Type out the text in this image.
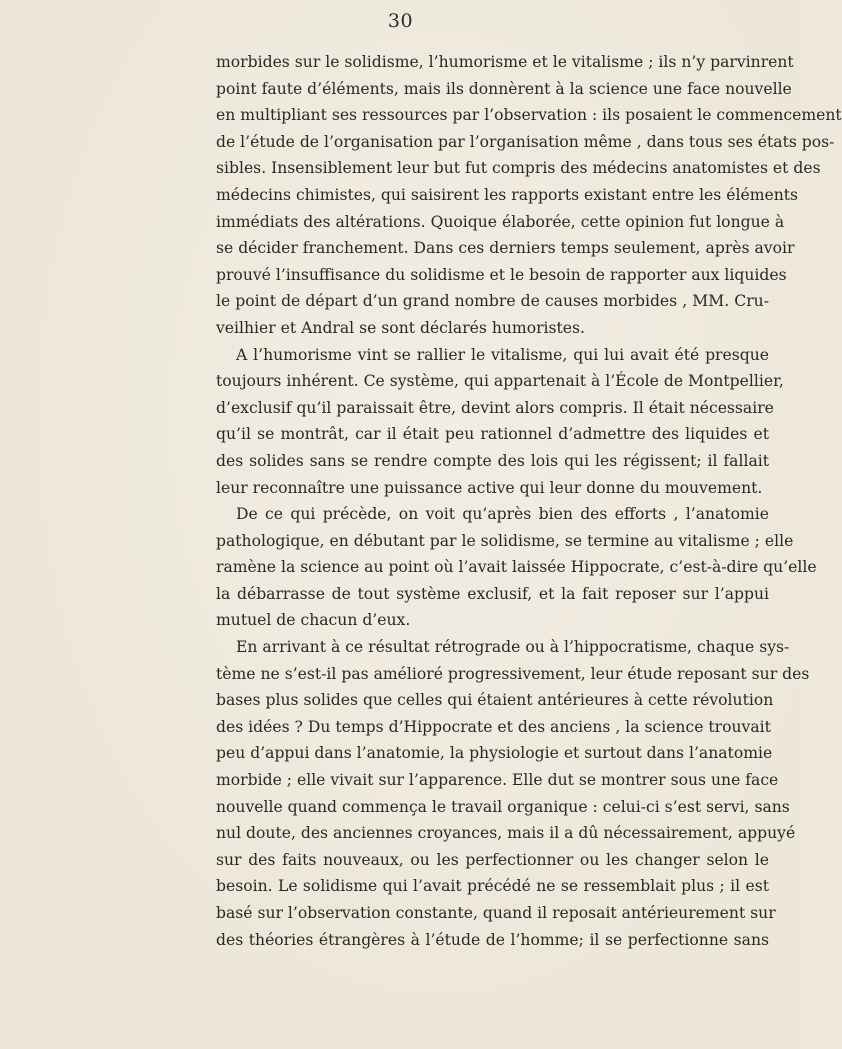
30
morbides sur le solidisme, l’humorisme et le vitalisme ; ils n’y parvinrent
point faute d’éléments, mais ils donnèrent à la science une face nouvelle
en multipliant ses ressources par l’observation : ils posaient le commencement
de l’étude de l’organisation par l’organisation même , dans tous ses états pos-
sibles. Insensiblement leur but fut compris des médecins anatomistes et des
médecins chimistes, qui saisirent les rapports existant entre les éléments
immédiats des altérations. Quoique élaborée, cette opinion fut longue à
se décider franchement. Dans ces derniers temps seulement, après avoir
prouvé l’insuffisance du solidisme et le besoin de rapporter aux liquides
le point de départ d’un grand nombre de causes morbides , MM. Cru-
veilhier et Andral se sont déclarés humoristes.
A l’humorisme vint se rallier le vitalisme, qui lui avait été presque
toujours inhérent. Ce système, qui appartenait à l’École de Montpellier,
d’exclusif qu’il paraissait être, devint alors compris. Il était nécessaire
qu’il se montrât, car il était peu rationnel d’admettre des liquides et
des solides sans se rendre compte des lois qui les régissent; il fallait
leur reconnaître une puissance active qui leur donne du mouvement.
De ce qui précède, on voit qu’après bien des efforts , l’anatomie
pathologique, en débutant par le solidisme, se termine au vitalisme ; elle
ramène la science au point où l’avait laissée Hippocrate, c’est-à-dire qu’elle
la débarrasse de tout système exclusif, et la fait reposer sur l’appui
mutuel de chacun d’eux.
En arrivant à ce résultat rétrograde ou à l’hippocratisme, chaque sys-
tème ne s’est-il pas amélioré progressivement, leur étude reposant sur des
bases plus solides que celles qui étaient antérieures à cette révolution
des idées ? Du temps d’Hippocrate et des anciens , la science trouvait
peu d’appui dans l’anatomie, la physiologie et surtout dans l’anatomie
morbide ; elle vivait sur l’apparence. Elle dut se montrer sous une face
nouvelle quand commença le travail organique : celui-ci s’est servi, sans
nul doute, des anciennes croyances, mais il a dû nécessairement, appuyé
sur des faits nouveaux, ou les perfectionner ou les changer selon le
besoin. Le solidisme qui l’avait précédé ne se ressemblait plus ; il est
basé sur l’observation constante, quand il reposait antérieurement sur
des théories étrangères à l’étude de l’homme; il se perfectionne sans
